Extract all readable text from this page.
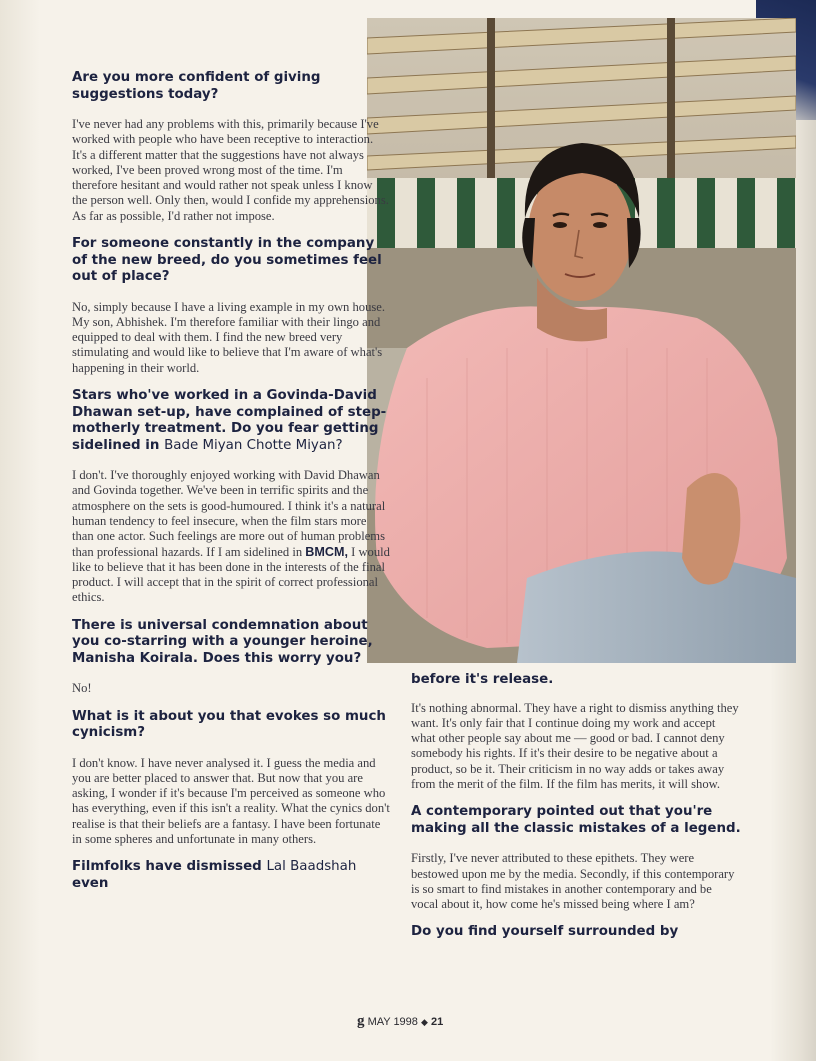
Are you more confident of giving suggestions today?

I've never had any problems with this, primarily because I've worked with people who have been receptive to interaction. It's a different matter that the suggestions have not always worked, I've been proved wrong most of the time. I'm therefore hesitant and would rather not speak unless I know the person well. Only then, would I confide my apprehensions. As far as possible, I'd rather not impose.

For someone constantly in the company of the new breed, do you sometimes feel out of place?

No, simply because I have a living example in my own house. My son, Abhishek. I'm therefore familiar with their lingo and equipped to deal with them. I find the new breed very stimulating and would like to believe that I'm aware of what's happening in their world.

Stars who've worked in a Govinda-David Dhawan set-up, have complained of step-motherly treatment. Do you fear getting sidelined in Bade Miyan Chotte Miyan?

I don't. I've thoroughly enjoyed working with David Dhawan and Govinda together. We've been in terrific spirits and the atmosphere on the sets is good-humoured. I think it's a natural human tendency to feel insecure, when the film stars more than one actor. Such feelings are more out of human problems than professional hazards. If I am sidelined in BMCM, I would like to believe that it has been done in the interests of the final product. I will accept that in the spirit of correct professional ethics.

There is universal condemnation about you co-starring with a younger heroine, Manisha Koirala. Does this worry you?

No!

What is it about you that evokes so much cynicism?

I don't know. I have never analysed it. I guess the media and you are better placed to answer that. But now that you are asking, I wonder if it's because I'm perceived as someone who has everything, even if this isn't a reality. What the cynics don't realise is that their beliefs are a fantasy. I have been fortunate in some spheres and unfortunate in many others.

Filmfolks have dismissed Lal Baadshah even

before it's release.

It's nothing abnormal. They have a right to dismiss anything they want. It's only fair that I continue doing my work and accept what other people say about me — good or bad. I cannot deny somebody his rights. If it's their desire to be negative about a product, so be it. Their criticism in no way adds or takes away from the merit of the film. If the film has merits, it will show.

A contemporary pointed out that you're making all the classic mistakes of a legend.

Firstly, I've never attributed to these epithets. They were bestowed upon me by the media. Secondly, if this contemporary is so smart to find mistakes in another contemporary and be vocal about it, how come he's missed being where I am?

Do you find yourself surrounded by

g MAY 1998 ◆ 21
